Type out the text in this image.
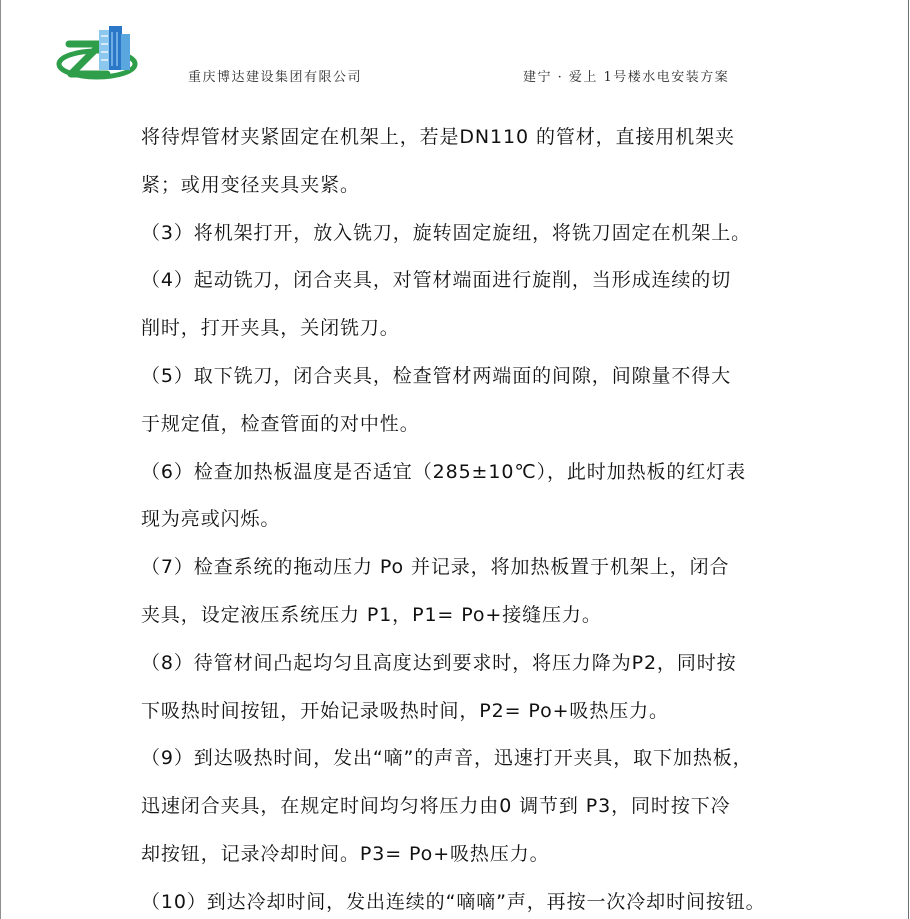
重庆博达建设集团有限公司	建宁 · 爱上 1号楼水电安装方案
将待焊管材夹紧固定在机架上，若是DN110 的管材，直接用机架夹
紧；或用变径夹具夹紧。
（3）将机架打开，放入铣刀，旋转固定旋纽，将铣刀固定在机架上。
（4）起动铣刀，闭合夹具，对管材端面进行旋削，当形成连续的切
削时，打开夹具，关闭铣刀。
（5）取下铣刀，闭合夹具，检查管材两端面的间隙，间隙量不得大
于规定值，检查管面的对中性。
（6）检查加热板温度是否适宜（285±10℃），此时加热板的红灯表
现为亮或闪烁。
（7）检查系统的拖动压力 Po 并记录，将加热板置于机架上，闭合
夹具，设定液压系统压力 P1，P1= Po+接缝压力。
（8）待管材间凸起均匀且高度达到要求时，将压力降为P2，同时按
下吸热时间按钮，开始记录吸热时间，P2= Po+吸热压力。
（9）到达吸热时间，发出“嘀”的声音，迅速打开夹具，取下加热板，
迅速闭合夹具，在规定时间均匀将压力由0 调节到 P3，同时按下冷
却按钮，记录冷却时间。P3= Po+吸热压力。
（10）到达冷却时间，发出连续的“嘀嘀”声，再按一次冷却时间按钮。
